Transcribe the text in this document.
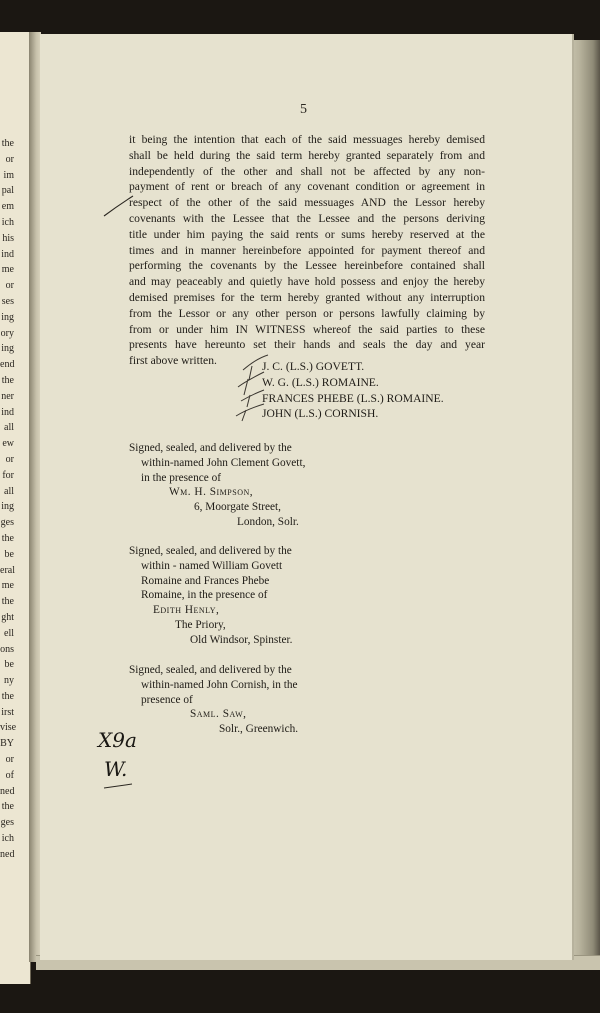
the
or
im
pal
em
ich
his
ind
me
or
ses
ing
ory
ing
end
the
ner
ind
all
ew
or
for
all
ing
ges
the
be
eral
me
the
ght
ell
ons
be
ny
the
irst
vise
BY
or
of
ned
the
ges
ich
ned
5
it being the intention that each of the said messuages hereby demised
shall be held during the said term hereby granted separately from and
independently of the other and shall not be affected by any non-
payment of rent or breach of any covenant condition or agreement in
respect of the other of the said messuages AND the Lessor hereby
covenants with the Lessee that the Lessee and the persons deriving
title under him paying the said rents or sums hereby reserved at the
times and in manner hereinbefore appointed for payment thereof and
performing the covenants by the Lessee hereinbefore contained shall
and may peaceably and quietly have hold possess and enjoy the hereby
demised premises for the term hereby granted without any interruption
from the Lessor or any other person or persons lawfully claiming by
from or under him IN WITNESS whereof the said parties to these
presents have hereunto set their hands and seals the day and year
first above written.	J. C. (L.S.) GOVETT.
W. G. (L.S.) ROMAINE.
FRANCES PHEBE (L.S.) ROMAINE.
JOHN (L.S.) CORNISH.
Signed, sealed, and delivered by the
within-named John Clement Govett,
in the presence of
Wm. H. Simpson,
6, Moorgate Street,
London, Solr.
Signed, sealed, and delivered by the
within - named William Govett
Romaine and Frances Phebe
Romaine, in the presence of
Edith Henly,
The Priory,
Old Windsor, Spinster.
Signed, sealed, and delivered by the
within-named John Cornish, in the
presence of
Saml. Saw,
Solr., Greenwich.
X9a
W.
